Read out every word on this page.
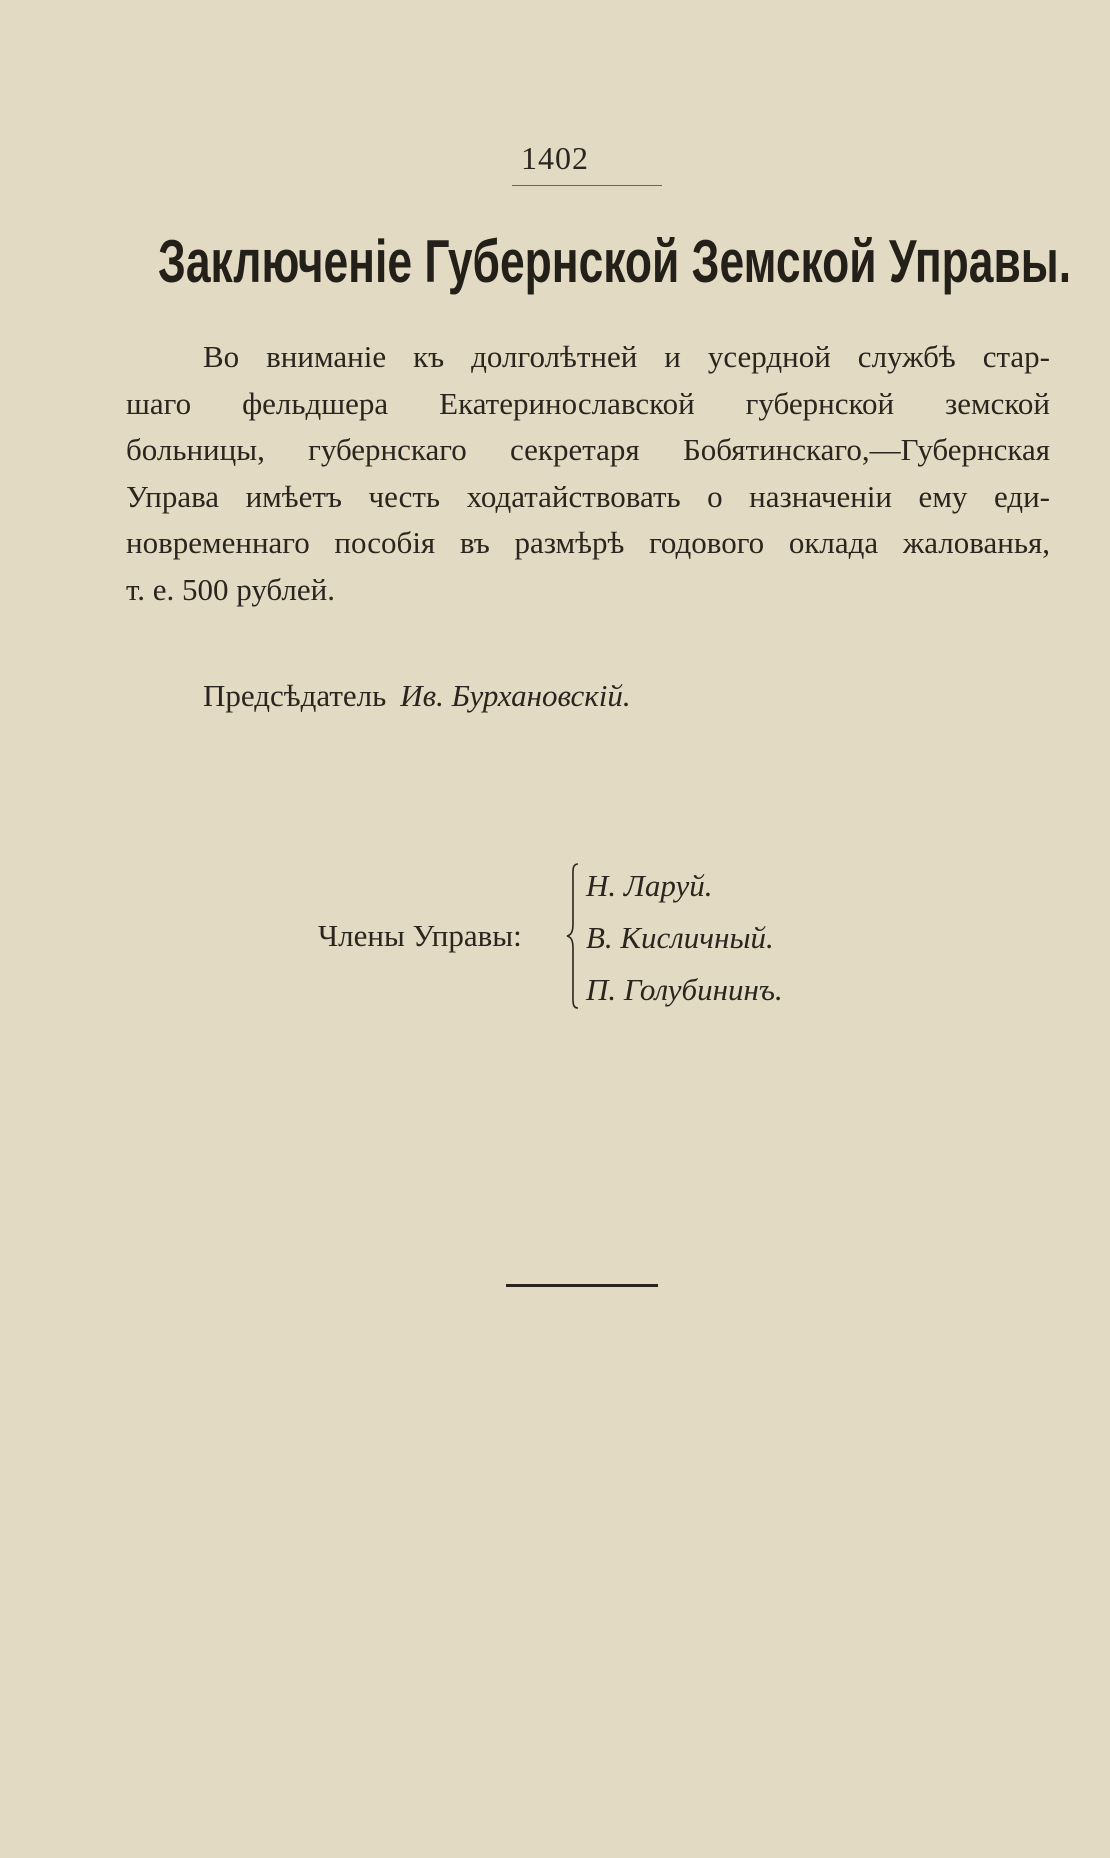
1402
Заключеніе Губернской Земской Управы.
Во вниманіе къ долголѣтней и усердной службѣ стар-
шаго фельдшера Екатеринославской губернской земской
больницы, губернскаго секретаря Бобятинскаго,—Губернская
Управа имѣетъ честь ходатайствовать о назначеніи ему еди-
новременнаго пособія въ размѣрѣ годового оклада жалованья,
т. е. 500 рублей.
Предсѣдатель Ив. Бурхановскій.
Члены Управы:
Н. Ларуй.
В. Кисличный.
П. Голубининъ.
